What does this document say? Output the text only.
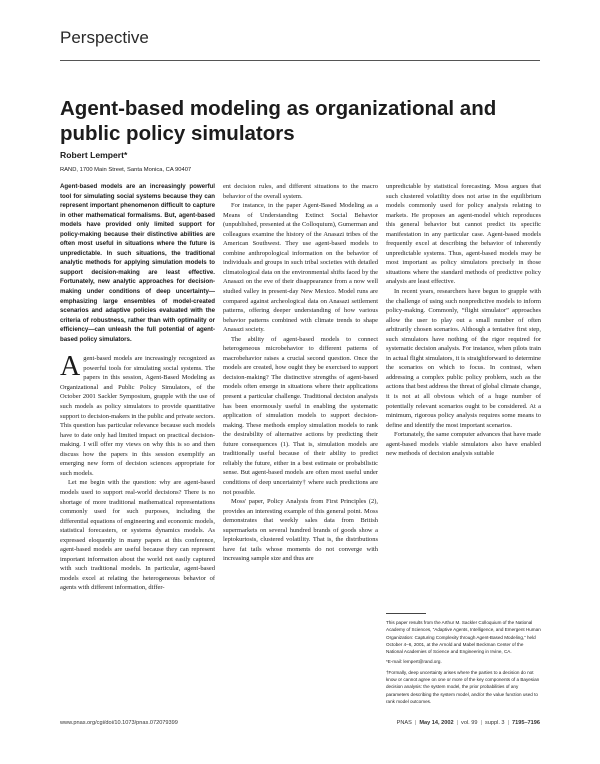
Perspective
Agent-based modeling as organizational and public policy simulators
Robert Lempert*
RAND, 1700 Main Street, Santa Monica, CA 90407

Agent-based models are an increasingly powerful tool for simulating social systems because they can represent important phenomenon difficult to capture in other mathematical formalisms. But, agent-based models have provided only limited support for policy-making because their distinctive abilities are often most useful in situations where the future is unpredictable. In such situations, the traditional analytic methods for applying simulation models to support decision-making are least effective. Fortunately, new analytic approaches for decision-making under conditions of deep uncertainty—emphasizing large ensembles of model-created scenarios and adaptive policies evaluated with the criteria of robustness, rather than with optimality or efficiency—can unleash the full potential of agent-based policy simulators.

Agent-based models are increasingly recognized as powerful tools for simulating social systems. The papers in this session, Agent-Based Modeling as Organizational and Public Policy Simulators, of the October 2001 Sackler Symposium, grapple with the use of such models as policy simulators to provide quantitative support to decision-makers in the public and private sectors. This question has particular relevance because such models have to date only had limited impact on practical decision-making. I will offer my views on why this is so and then discuss how the papers in this session exemplify an emerging new form of decision sciences appropriate for such models.

Let me begin with the question: why are agent-based models used to support real-world decisions? There is no shortage of more traditional mathematical representations commonly used for such purposes, including the differential equations of engineering and economic models, statistical forecasters, or systems dynamics models. As expressed eloquently in many papers at this conference, agent-based models are useful because they can represent important information about the world not easily captured with such traditional models. In particular, agent-based models excel at relating the heterogeneous behavior of agents with different information, differ-

ent decision rules, and different situations to the macro behavior of the overall system.

For instance, in the paper Agent-Based Modeling as a Means of Understanding Extinct Social Behavior (unpublished, presented at the Colloquium), Gumerman and colleagues examine the history of the Anasazi tribes of the American Southwest. They use agent-based models to combine anthropological information on the behavior of individuals and groups in such tribal societies with detailed climatological data on the environmental shifts faced by the Anasazi on the eve of their disappearance from a now well studied valley in present-day New Mexico. Model runs are compared against archeological data on Anasazi settlement patterns, offering deeper understanding of how various behavior patterns combined with climate trends to shape Anasazi society.

The ability of agent-based models to connect heterogeneous microbehavior to different patterns of macrobehavior raises a crucial second question. Once the models are created, how ought they be exercised to support decision-making? The distinctive strengths of agent-based models often emerge in situations where their applications present a particular challenge. Traditional decision analysis has been enormously useful in enabling the systematic application of simulation models to support decision-making. These methods employ simulation models to rank the desirability of alternative actions by predicting their future consequences (1). That is, simulation models are traditionally useful because of their ability to predict reliably the future, either in a best estimate or probabilistic sense. But agent-based models are often most useful under conditions of deep uncertainty† where such predictions are not possible.

Moss' paper, Policy Analysis from First Principles (2), provides an interesting example of this general point. Moss demonstrates that weekly sales data from British supermarkets on several hundred brands of goods show a leptokurtosis, clustered volatility. That is, the distributions have fat tails whose moments do not converge with increasing sample size and thus are

unpredictable by statistical forecasting. Moss argues that such clustered volatility does not arise in the equilibrium models commonly used for policy analysis relating to markets. He proposes an agent-model which reproduces this general behavior but cannot predict its specific manifestation in any particular case. Agent-based models frequently excel at describing the behavior of inherently unpredictable systems. Thus, agent-based models may be most important as policy simulators precisely in those situations where the standard methods of predictive policy analysis are least effective.

In recent years, researchers have begun to grapple with the challenge of using such nonpredictive models to inform policy-making. Commonly, “flight simulator” approaches allow the user to play out a small number of often arbitrarily chosen scenarios. Although a tentative first step, such simulators have nothing of the rigor required for systematic decision analysis. For instance, when pilots train in actual flight simulators, it is straightforward to determine the scenarios on which to focus. In contrast, when addressing a complex public policy problem, such as the actions that best address the threat of global climate change, it is not at all obvious which of a huge number of potentially relevant scenarios ought to be considered. At a minimum, rigorous policy analysis requires some means to define and identify the most important scenarios.

Fortunately, the same computer advances that have made agent-based models viable simulators also have enabled new methods of decision analysis suitable

This paper results from the Arthur M. Sackler Colloquium of the National Academy of Sciences, “Adaptive Agents, Intelligence, and Emergent Human Organization: Capturing Complexity through Agent-Based Modeling,” held October 4–6, 2001, at the Arnold and Mabel Beckman Center of the National Academies of Science and Engineering in Irvine, CA.

*E-mail: lempert@rand.org.

†Formally, deep uncertainty arises where the parties to a decision do not know or cannot agree on one or more of the key components of a Bayesian decision analysis: the system model, the prior probabilities of any parameters describing the system model, and/or the value function used to rank model outcomes.

www.pnas.org/cgi/doi/10.1073/pnas.072079399	PNAS | May 14, 2002 | vol. 99 | suppl. 3 | 7195–7196
